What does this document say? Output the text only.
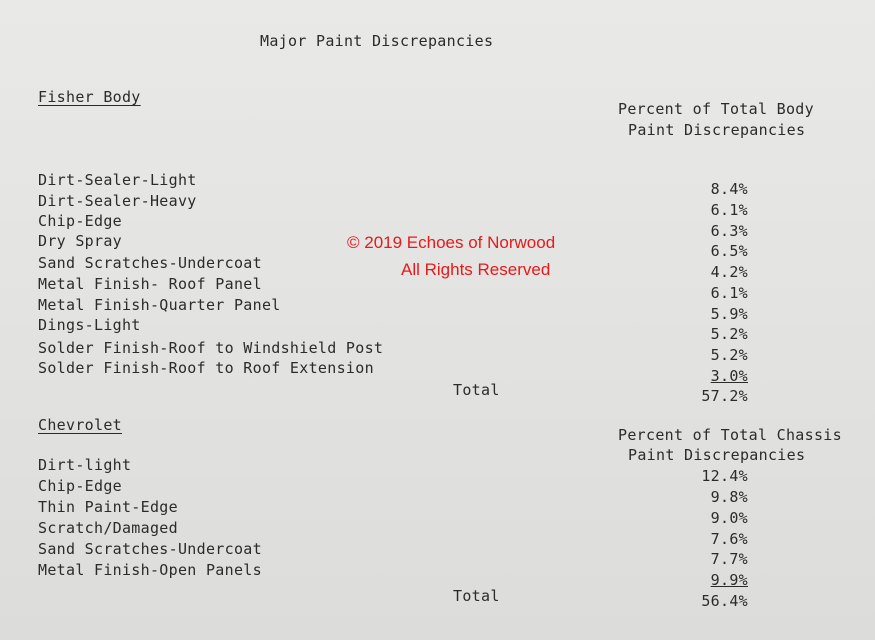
Major Paint Discrepancies
Fisher Body
Percent of Total Body
Paint Discrepancies
Dirt-Sealer-Light
Dirt-Sealer-Heavy
Chip-Edge
Dry Spray
Sand Scratches-Undercoat
Metal Finish- Roof Panel
Metal Finish-Quarter Panel
Dings-Light
Solder Finish-Roof to Windshield Post
Solder Finish-Roof to Roof Extension
8.4%
6.1%
6.3%
6.5%
4.2%
6.1%
5.9%
5.2%
5.2%
3.0%
Total	57.2%
Chevrolet
Percent of Total Chassis
Paint Discrepancies
Dirt-light
Chip-Edge
Thin Paint-Edge
Scratch/Damaged
Sand Scratches-Undercoat
Metal Finish-Open Panels
12.4%
9.8%
9.0%
7.6%
7.7%
9.9%
Total	56.4%
© 2019 Echoes of Norwood
All Rights Reserved
